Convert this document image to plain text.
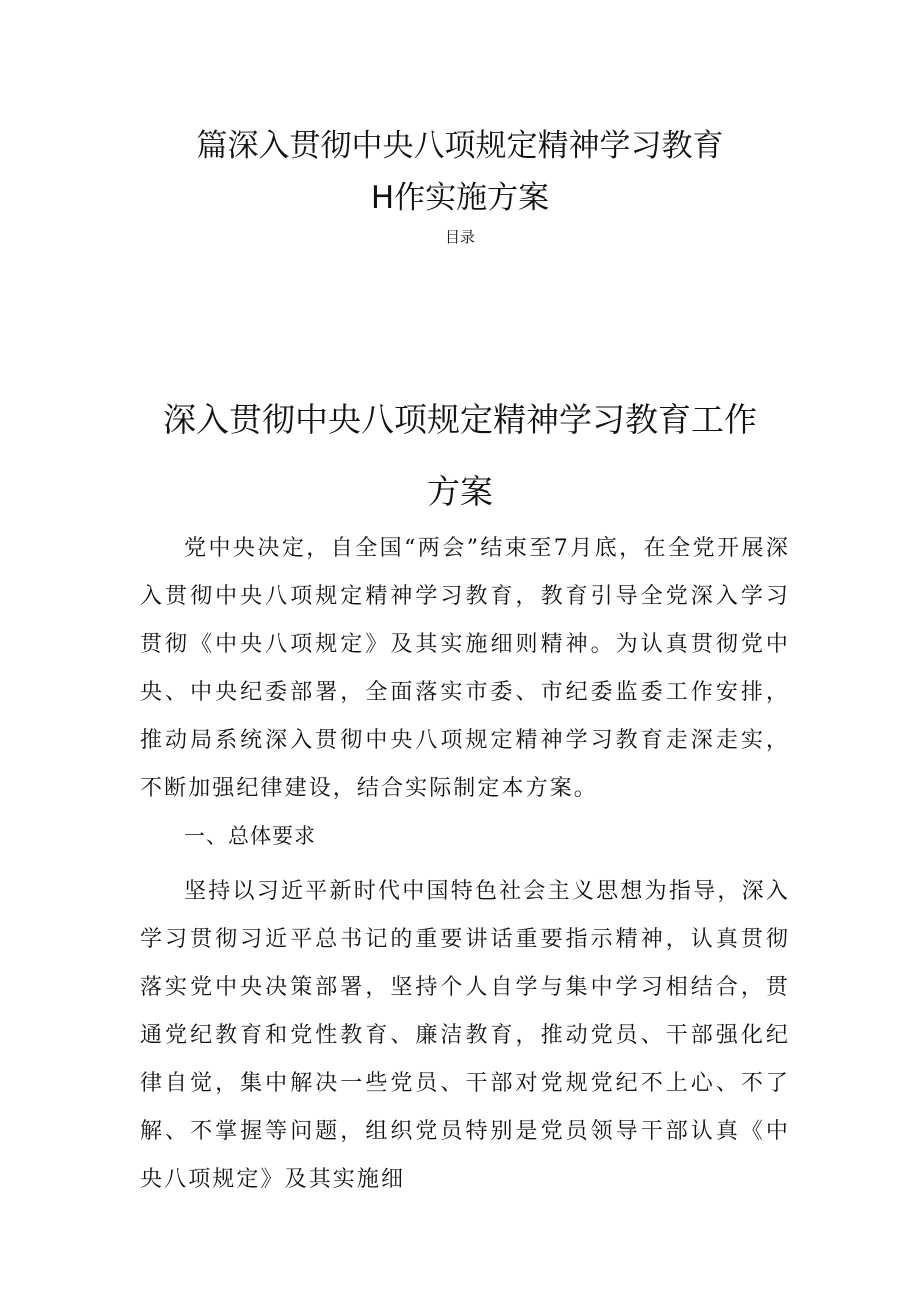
篇深入贯彻中央八项规定精神学习教育
H作实施方案
目录
深入贯彻中央八项规定精神学习教育工作
方案

党中央决定，自全国“两会”结束至7月底，在全党开展深入贯彻中央八项规定精神学习教育，教育引导全党深入学习贯彻《中央八项规定》及其实施细则精神。为认真贯彻党中央、中央纪委部署，全面落实市委、市纪委监委工作安排，推动局系统深入贯彻中央八项规定精神学习教育走深走实，不断加强纪律建设，结合实际制定本方案。

一、总体要求

坚持以习近平新时代中国特色社会主义思想为指导，深入学习贯彻习近平总书记的重要讲话重要指示精神，认真贯彻落实党中央决策部署，坚持个人自学与集中学习相结合，贯通党纪教育和党性教育、廉洁教育，推动党员、干部强化纪律自觉，集中解决一些党员、干部对党规党纪不上心、不了解、不掌握等问题，组织党员特别是党员领导干部认真《中央八项规定》及其实施细
